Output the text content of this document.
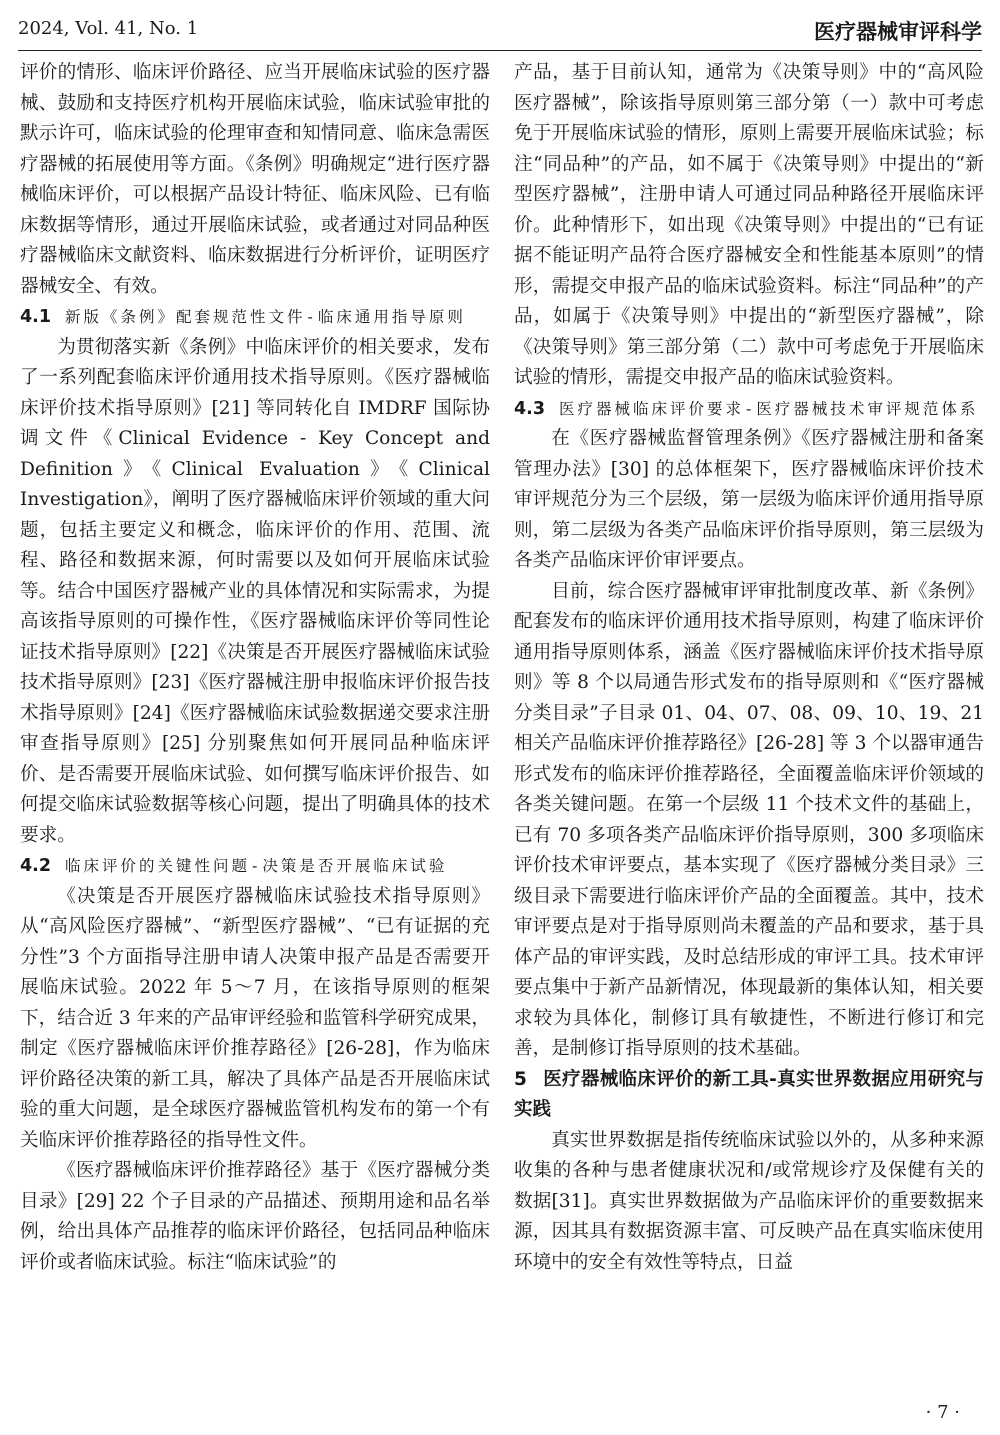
2024, Vol. 41, No. 1	医疗器械审评科学

评价的情形、临床评价路径、应当开展临床试验的医疗器械、鼓励和支持医疗机构开展临床试验，临床试验审批的默示许可，临床试验的伦理审查和知情同意、临床急需医疗器械的拓展使用等方面。《条例》明确规定“进行医疗器械临床评价，可以根据产品设计特征、临床风险、已有临床数据等情形，通过开展临床试验，或者通过对同品种医疗器械临床文献资料、临床数据进行分析评价，证明医疗器械安全、有效。

4.1 新版《条例》配套规范性文件-临床通用指导原则

为贯彻落实新《条例》中临床评价的相关要求，发布了一系列配套临床评价通用技术指导原则。《医疗器械临床评价技术指导原则》[21] 等同转化自 IMDRF 国际协调文件《Clinical Evidence - Key Concept and Definition》《Clinical Evaluation》《Clinical Investigation》，阐明了医疗器械临床评价领域的重大问题，包括主要定义和概念，临床评价的作用、范围、流程、路径和数据来源，何时需要以及如何开展临床试验等。结合中国医疗器械产业的具体情况和实际需求，为提高该指导原则的可操作性，《医疗器械临床评价等同性论证技术指导原则》[22]《决策是否开展医疗器械临床试验技术指导原则》[23]《医疗器械注册申报临床评价报告技术指导原则》[24]《医疗器械临床试验数据递交要求注册审查指导原则》[25] 分别聚焦如何开展同品种临床评价、是否需要开展临床试验、如何撰写临床评价报告、如何提交临床试验数据等核心问题，提出了明确具体的技术要求。

4.2 临床评价的关键性问题-决策是否开展临床试验

《决策是否开展医疗器械临床试验技术指导原则》从“高风险医疗器械”、“新型医疗器械”、“已有证据的充分性”3 个方面指导注册申请人决策申报产品是否需要开展临床试验。2022 年 5～7 月，在该指导原则的框架下，结合近 3 年来的产品审评经验和监管科学研究成果，制定《医疗器械临床评价推荐路径》[26-28]，作为临床评价路径决策的新工具，解决了具体产品是否开展临床试验的重大问题，是全球医疗器械监管机构发布的第一个有关临床评价推荐路径的指导性文件。

《医疗器械临床评价推荐路径》基于《医疗器械分类目录》[29] 22 个子目录的产品描述、预期用途和品名举例，给出具体产品推荐的临床评价路径，包括同品种临床评价或者临床试验。标注“临床试验”的

产品，基于目前认知，通常为《决策导则》中的“高风险医疗器械”，除该指导原则第三部分第（一）款中可考虑免于开展临床试验的情形，原则上需要开展临床试验；标注“同品种”的产品，如不属于《决策导则》中提出的“新型医疗器械”，注册申请人可通过同品种路径开展临床评价。此种情形下，如出现《决策导则》中提出的“已有证据不能证明产品符合医疗器械安全和性能基本原则”的情形，需提交申报产品的临床试验资料。标注“同品种”的产品，如属于《决策导则》中提出的“新型医疗器械”，除《决策导则》第三部分第（二）款中可考虑免于开展临床试验的情形，需提交申报产品的临床试验资料。

4.3 医疗器械临床评价要求-医疗器械技术审评规范体系

在《医疗器械监督管理条例》《医疗器械注册和备案管理办法》[30] 的总体框架下，医疗器械临床评价技术审评规范分为三个层级，第一层级为临床评价通用指导原则，第二层级为各类产品临床评价指导原则，第三层级为各类产品临床评价审评要点。

目前，综合医疗器械审评审批制度改革、新《条例》配套发布的临床评价通用技术指导原则，构建了临床评价通用指导原则体系，涵盖《医疗器械临床评价技术指导原则》等 8 个以局通告形式发布的指导原则和《“医疗器械分类目录”子目录 01、04、07、08、09、10、19、21 相关产品临床评价推荐路径》[26-28] 等 3 个以器审通告形式发布的临床评价推荐路径，全面覆盖临床评价领域的各类关键问题。在第一个层级 11 个技术文件的基础上，已有 70 多项各类产品临床评价指导原则，300 多项临床评价技术审评要点，基本实现了《医疗器械分类目录》三级目录下需要进行临床评价产品的全面覆盖。其中，技术审评要点是对于指导原则尚未覆盖的产品和要求，基于具体产品的审评实践，及时总结形成的审评工具。技术审评要点集中于新产品新情况，体现最新的集体认知，相关要求较为具体化，制修订具有敏捷性，不断进行修订和完善，是制修订指导原则的技术基础。

5 医疗器械临床评价的新工具-真实世界数据应用研究与实践

真实世界数据是指传统临床试验以外的，从多种来源收集的各种与患者健康状况和/或常规诊疗及保健有关的数据[31]。真实世界数据做为产品临床评价的重要数据来源，因其具有数据资源丰富、可反映产品在真实临床使用环境中的安全有效性等特点，日益

· 7 ·
